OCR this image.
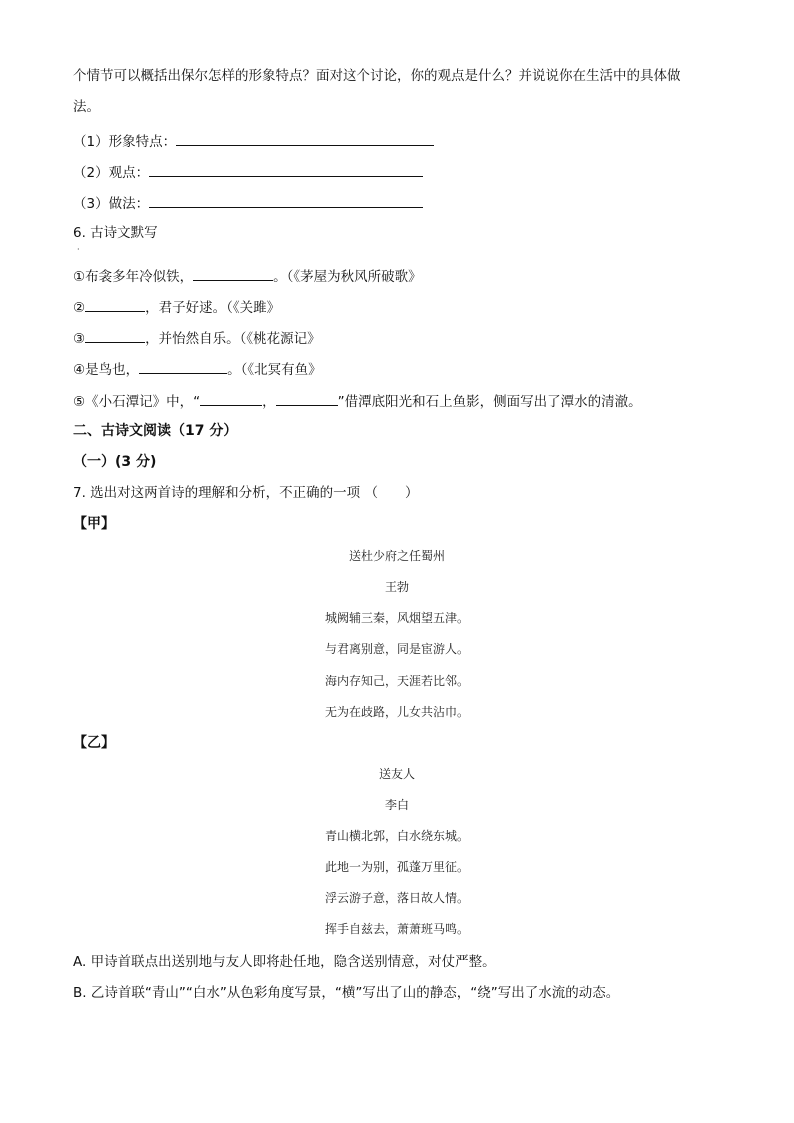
个情节可以概括出保尔怎样的形象特点？面对这个讨论，你的观点是什么？并说说你在生活中的具体做
法。
（1）形象特点：
（2）观点：
（3）做法：
6. 古诗文默写
·
①布衾多年冷似铁，	。（《茅屋为秋风所破歌》
②	，君子好逑。（《关雎》
③	，并怡然自乐。（《桃花源记》
④是鸟也，	。（《北冥有鱼》
⑤《小石潭记》中，“	，	”借潭底阳光和石上鱼影，侧面写出了潭水的清澈。
二、古诗文阅读（17 分）
（一）(3 分)
7. 选出对这两首诗的理解和分析，不正确的一项 （　　）
【甲】
送杜少府之任蜀州
王勃
城阙辅三秦，风烟望五津。
与君离别意，同是宦游人。
海内存知己，天涯若比邻。
无为在歧路，儿女共沾巾。
【乙】
送友人
李白
青山横北郭，白水绕东城。
此地一为别，孤蓬万里征。
浮云游子意，落日故人情。
挥手自兹去，萧萧班马鸣。
A. 甲诗首联点出送别地与友人即将赴任地，隐含送别情意，对仗严整。
B. 乙诗首联“青山”“白水”从色彩角度写景，“横”写出了山的静态，“绕”写出了水流的动态。
